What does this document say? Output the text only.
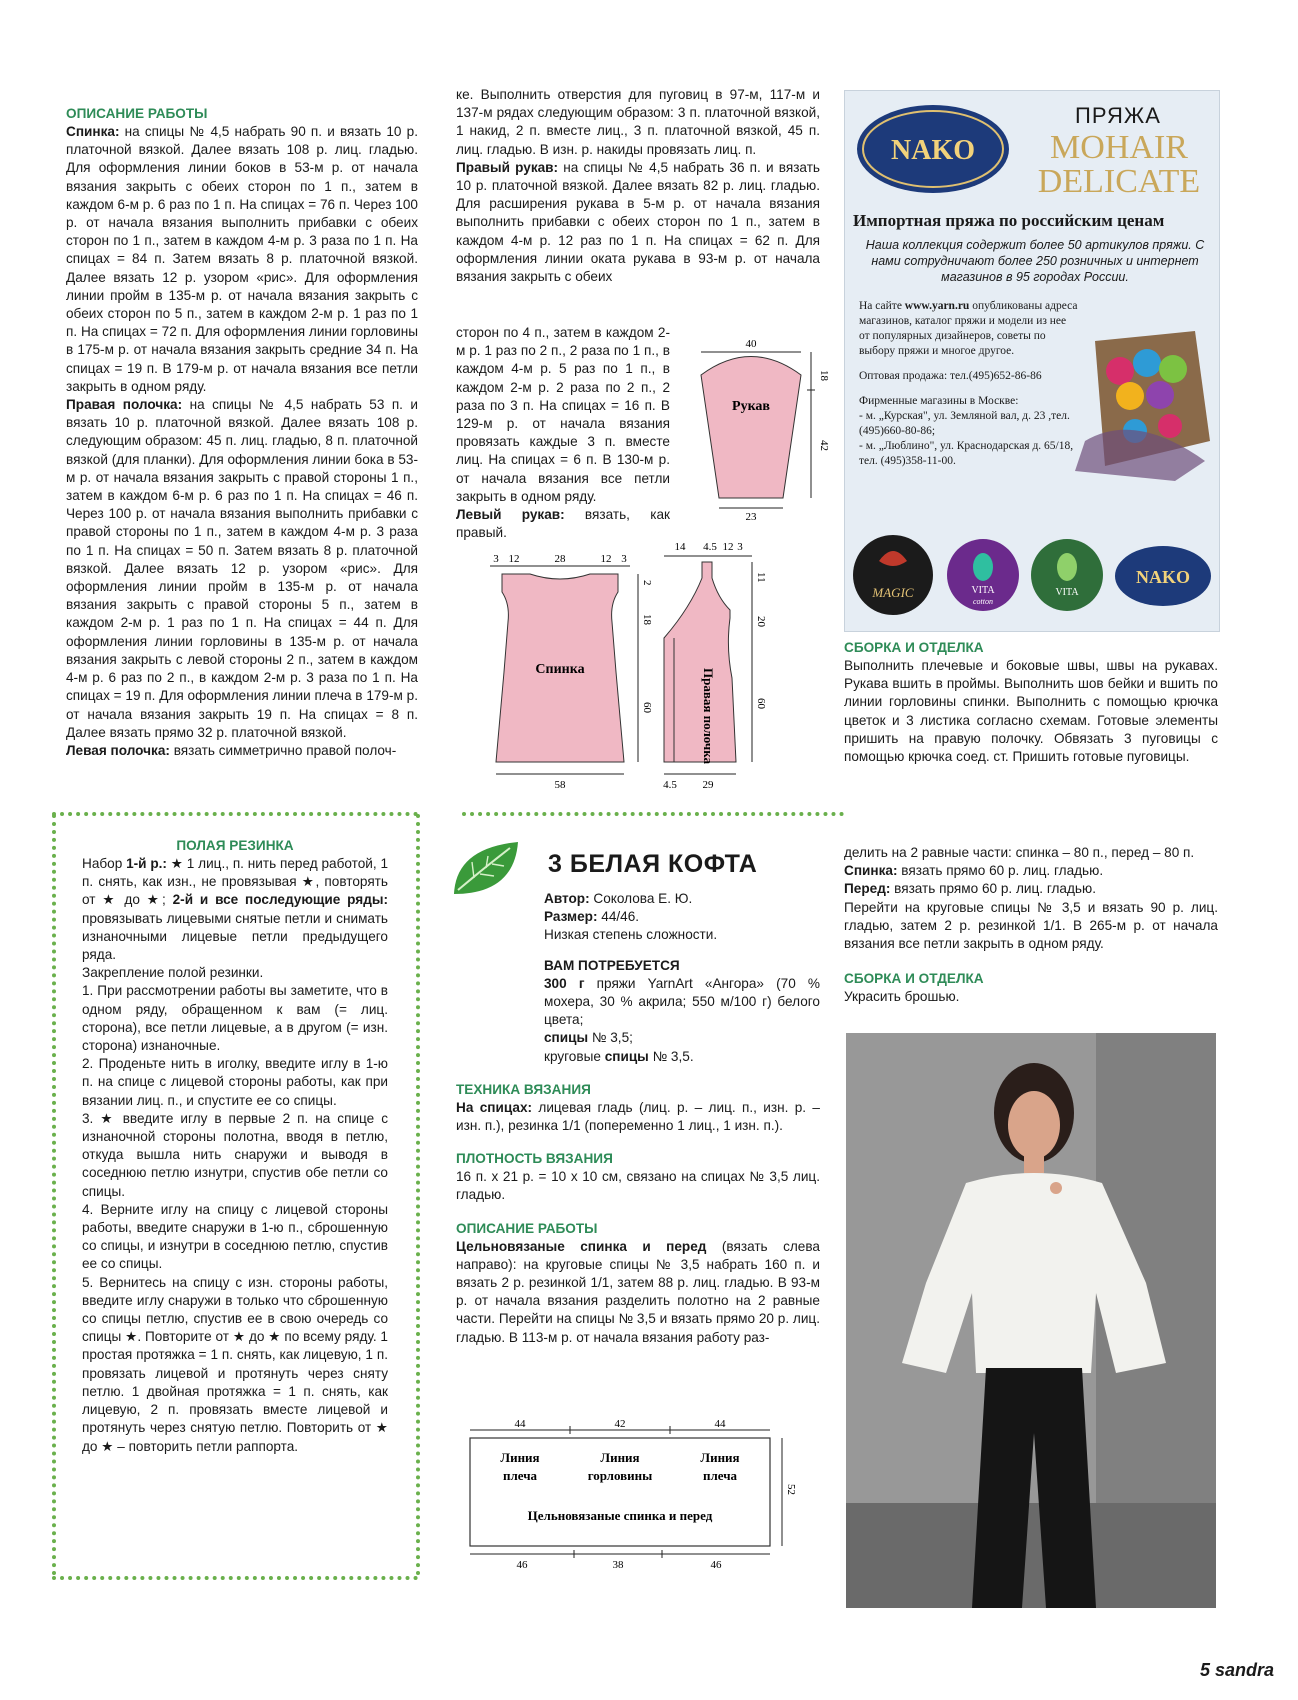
ОПИСАНИЕ РАБОТЫ

Спинка: на спицы № 4,5 набрать 90 п. и вязать 10 р. платочной вязкой. Далее вязать 108 р. лиц. гладью. Для оформления линии боков в 53-м р. от начала вязания закрыть с обеих сторон по 1 п., затем в каждом 6-м р. 6 раз по 1 п. На спицах = 76 п. Через 100 р. от начала вязания выполнить прибавки с обеих сторон по 1 п., затем в каждом 4-м р. 3 раза по 1 п. На спицах = 84 п. Затем вязать 8 р. платочной вязкой. Далее вязать 12 р. узором «рис». Для оформления линии пройм в 135-м р. от начала вязания закрыть с обеих сторон по 5 п., затем в каждом 2-м р. 1 раз по 1 п. На спицах = 72 п. Для оформления линии горловины в 175-м р. от начала вязания закрыть средние 34 п. На спицах = 19 п. В 179-м р. от начала вязания все петли закрыть в одном ряду.

Правая полочка: на спицы № 4,5 набрать 53 п. и вязать 10 р. платочной вязкой. Далее вязать 108 р. следующим образом: 45 п. лиц. гладью, 8 п. платочной вязкой (для планки). Для оформления линии бока в 53-м р. от начала вязания закрыть с правой стороны 1 п., затем в каждом 6-м р. 6 раз по 1 п. На спицах = 46 п. Через 100 р. от начала вязания выполнить прибавки с правой стороны по 1 п., затем в каждом 4-м р. 3 раза по 1 п. На спицах = 50 п. Затем вязать 8 р. платочной вязкой. Далее вязать 12 р. узором «рис». Для оформления линии пройм в 135-м р. от начала вязания закрыть с правой стороны 5 п., затем в каждом 2-м р. 1 раз по 1 п. На спицах = 44 п. Для оформления линии горловины в 135-м р. от начала вязания закрыть с левой стороны 2 п., затем в каждом 4-м р. 6 раз по 2 п., в каждом 2-м р. 3 раза по 1 п. На спицах = 19 п. Для оформления линии плеча в 179-м р. от начала вязания закрыть 19 п. На спицах = 8 п. Далее вязать прямо 32 р. платочной вязкой.

Левая полочка: вязать симметрично правой полоч-

ке. Выполнить отверстия для пуговиц в 97-м, 117-м и 137-м рядах следующим образом: 3 п. платочной вязкой, 1 накид, 2 п. вместе лиц., 3 п. платочной вязкой, 45 п. лиц. гладью. В изн. р. накиды провязать лиц. п.

Правый рукав: на спицы № 4,5 набрать 36 п. и вязать 10 р. платочной вязкой. Далее вязать 82 р. лиц. гладью. Для расширения рукава в 5-м р. от начала вязания выполнить прибавки с обеих сторон по 1 п., затем в каждом 4-м р. 12 раз по 1 п. На спицах = 62 п. Для оформления линии оката рукава в 93-м р. от начала вязания закрыть с обеих

сторон по 4 п., затем в каждом 2-м р. 1 раз по 2 п., 2 раза по 1 п., в каждом 4-м р. 5 раз по 1 п., в каждом 2-м р. 2 раза по 2 п., 2 раза по 3 п. На спицах = 16 п. В 129-м р. от начала вязания провязать каждые 3 п. вместе лиц. На спицах = 6 п. В 130-м р. от начала вязания все петли закрыть в одном ряду.

Левый рукав: вязать, как правый.

40
Рукав
23
18
42
3 12	28	12 3
Спинка
2
18
60
58
14 4.5 12 3
Правая полочка
11
20
60
4.5 29
NAKO
ПРЯЖА
MOHAIR
DELICATE
Импортная пряжа по российским ценам
Наша коллекция содержит более 50 артикулов пряжи. С нами сотрудничают более 250 розничных и интернет магазинов в 95 городах России.

На сайте www.yarn.ru опубликованы адреса магазинов, каталог пряжи и модели из нее от популярных дизайнеров, советы по выбору пряжи и многое другое.

Оптовая продажа: тел.(495)652-86-86

Фирменные магазины в Москве:

- м. „Курская", ул. Земляной вал, д. 23 ,тел. (495)660-80-86;

- м. „Люблино", ул. Краснодарская д. 65/18, тел. (495)358-11-00.

MAGIC	VITA
cotton
VITA
NAKO
СБОРКА И ОТДЕЛКА

Выполнить плечевые и боковые швы, швы на рукавах. Рукава вшить в проймы. Выполнить шов бейки и вшить по линии горловины спинки. Выполнить с помощью крючка цветок и 3 листика согласно схемам. Готовые элементы пришить на правую полочку. Обвязать 3 пуговицы с помощью крючка соед. ст. Пришить готовые пуговицы.

ПОЛАЯ РЕЗИНКА

Набор 1-й р.: ★ 1 лиц., п. нить перед работой, 1 п. снять, как изн., не провязывая ★, повторять от ★ до ★; 2-й и все последующие ряды: провязывать лицевыми снятые петли и снимать изнаночными лицевые петли предыдущего ряда.

Закрепление полой резинки.

1. При рассмотрении работы вы заметите, что в одном ряду, обращенном к вам (= лиц. сторона), все петли лицевые, а в другом (= изн. сторона) изнаночные.

2. Проденьте нить в иголку, введите иглу в 1-ю п. на спице с лицевой стороны работы, как при вязании лиц. п., и спустите ее со спицы.

3. ★ введите иглу в первые 2 п. на спице с изнаночной стороны полотна, вводя в петлю, откуда вышла нить снаружи и выводя в соседнюю петлю изнутри, спустив обе петли со спицы.

4. Верните иглу на спицу с лицевой стороны работы, введите снаружи в 1-ю п., сброшенную со спицы, и изнутри в соседнюю петлю, спустив ее со спицы.

5. Вернитесь на спицу с изн. стороны работы, введите иглу снаружи в только что сброшенную со спицы петлю, спустив ее в свою очередь со спицы ★. Повторите от ★ до ★ по всему ряду. 1 простая протяжка = 1 п. снять, как лицевую, 1 п. провязать лицевой и протянуть через сняту петлю. 1 двойная протяжка = 1 п. снять, как лицевую, 2 п. провязать вместе лицевой и протянуть через снятую петлю. Повторить от ★ до ★ – повторить петли раппорта.

3 БЕЛАЯ КОФТА

Автор: Соколова Е. Ю.

Размер: 44/46.

Низкая степень сложности.

ВАМ ПОТРЕБУЕТСЯ

300 г пряжи YarnArt «Ангора» (70 % мохера, 30 % акрила; 550 м/100 г) белого цвета;

спицы № 3,5;

круговые спицы № 3,5.

ТЕХНИКА ВЯЗАНИЯ

На спицах: лицевая гладь (лиц. р. – лиц. п., изн. р. – изн. п.), резинка 1/1 (попеременно 1 лиц., 1 изн. п.).

ПЛОТНОСТЬ ВЯЗАНИЯ

16 п. x 21 р. = 10 x 10 см, связано на спицах № 3,5 лиц. гладью.

ОПИСАНИЕ РАБОТЫ

Цельновязаные спинка и перед (вязать слева направо): на круговые спицы № 3,5 набрать 160 п. и вязать 2 р. резинкой 1/1, затем 88 р. лиц. гладью. В 93-м р. от начала вязания разделить полотно на 2 равные части. Перейти на спицы № 3,5 и вязать прямо 20 р. лиц. гладью. В 113-м р. от начала вязания работу раз-

44	42	44
Линия
плеча
Линия
горловины
Линия
плеча
Цельновязаные спинка и перед
52
46	38	46

делить на 2 равные части: спинка – 80 п., перед – 80 п.

Спинка: вязать прямо 60 р. лиц. гладью.

Перед: вязать прямо 60 р. лиц. гладью.

Перейти на круговые спицы № 3,5 и вязать 90 р. лиц. гладью, затем 2 р. резинкой 1/1. В 265-м р. от начала вязания все петли закрыть в одном ряду.

СБОРКА И ОТДЕЛКА

Украсить брошью.

5 sandra
